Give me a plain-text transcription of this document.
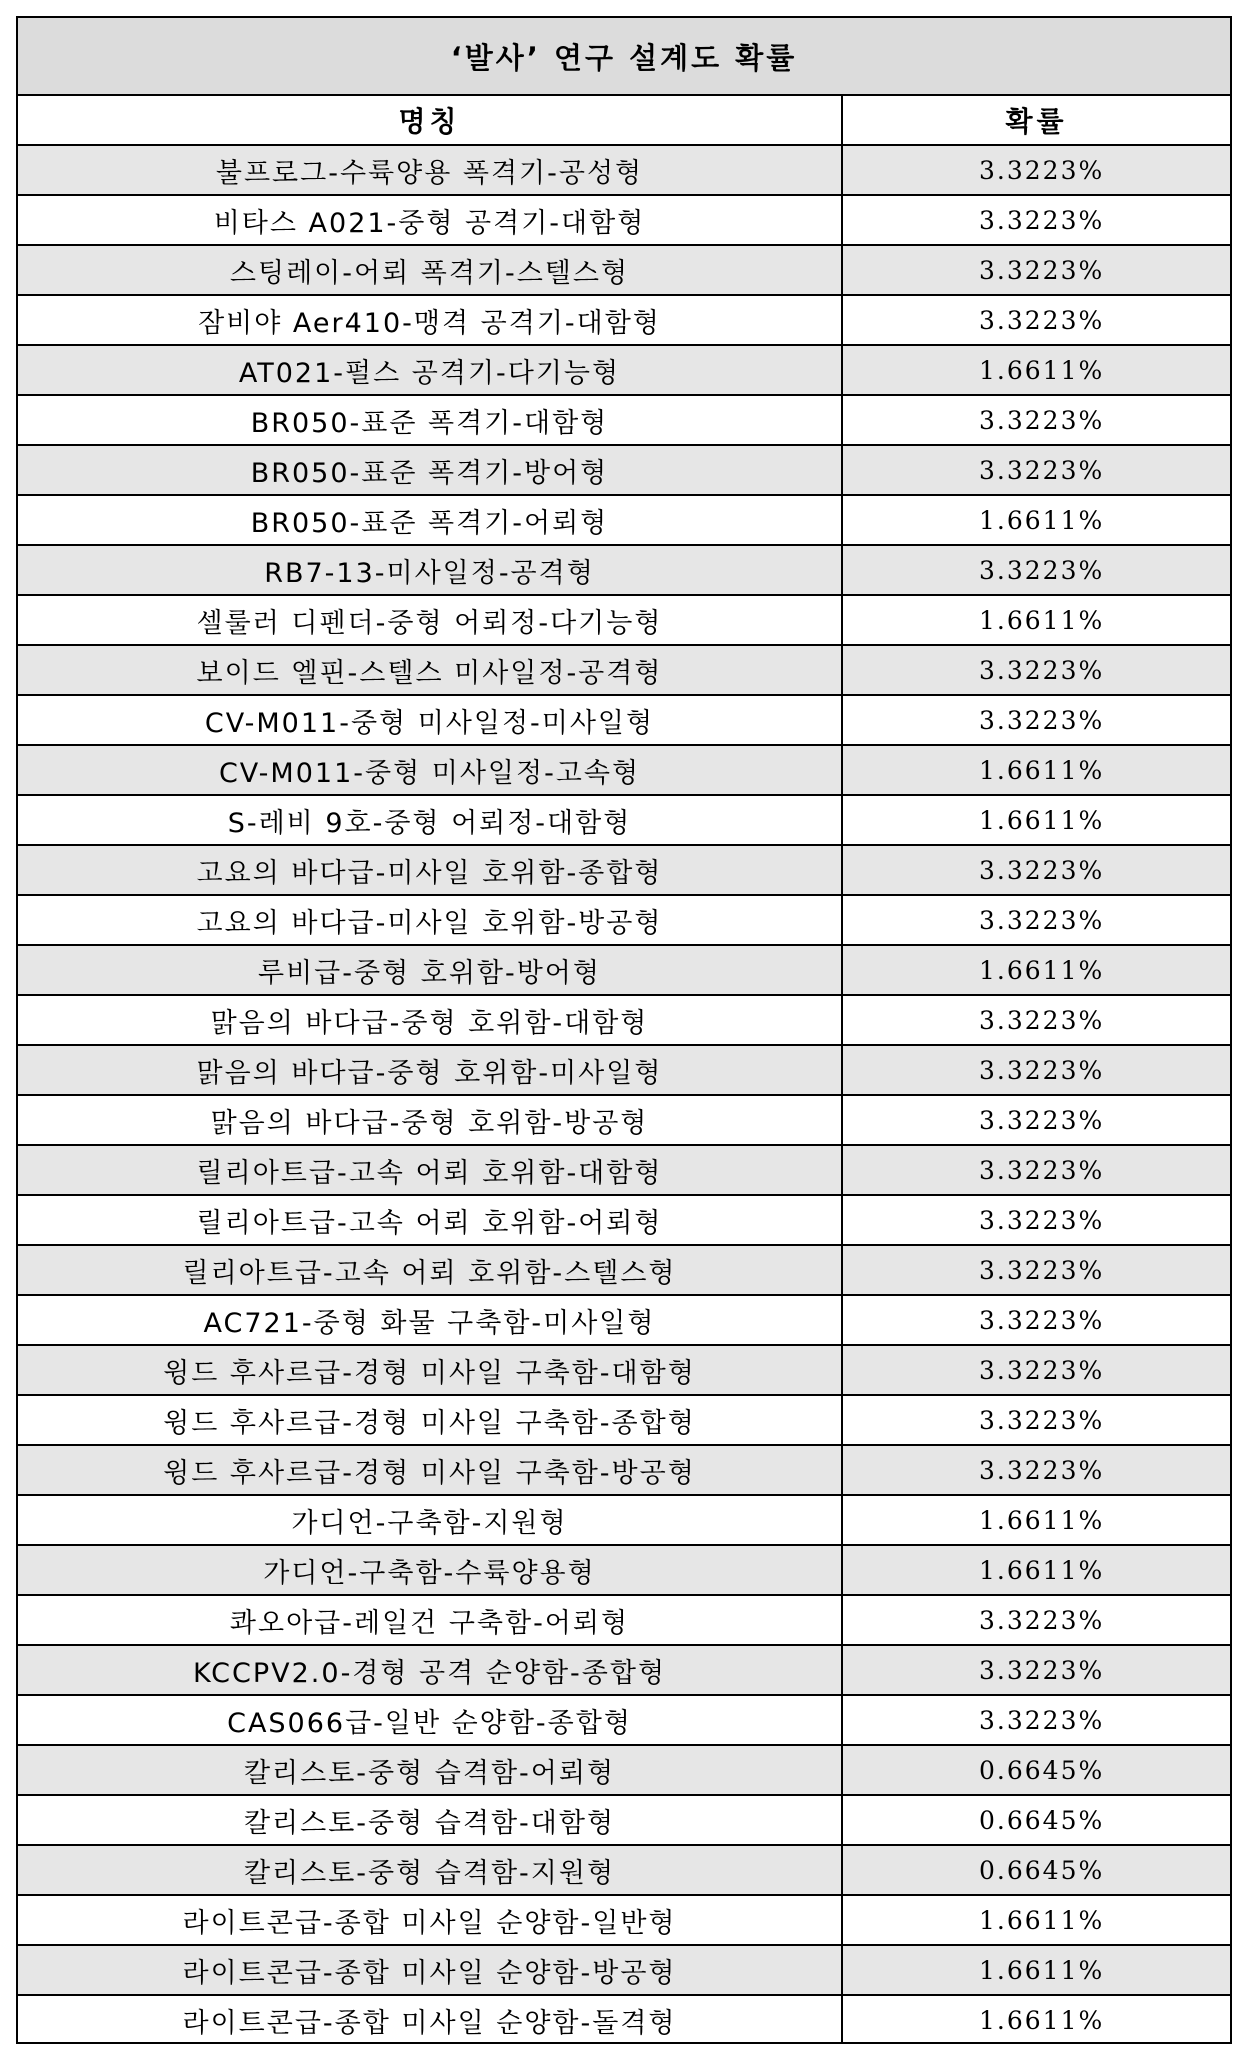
‘발사’ 연구 설계도 확률	
명칭	확률
불프로그-수륙양용 폭격기-공성형	3.3223%
비타스 A021-중형 공격기-대함형	3.3223%
스팅레이-어뢰 폭격기-스텔스형	3.3223%
잠비야 Aer410-맹격 공격기-대함형	3.3223%
AT021-펄스 공격기-다기능형	1.6611%
BR050-표준 폭격기-대함형	3.3223%
BR050-표준 폭격기-방어형	3.3223%
BR050-표준 폭격기-어뢰형	1.6611%
RB7-13-미사일정-공격형	3.3223%
셀룰러 디펜더-중형 어뢰정-다기능형	1.6611%
보이드 엘핀-스텔스 미사일정-공격형	3.3223%
CV-M011-중형 미사일정-미사일형	3.3223%
CV-M011-중형 미사일정-고속형	1.6611%
S-레비 9호-중형 어뢰정-대함형	1.6611%
고요의 바다급-미사일 호위함-종합형	3.3223%
고요의 바다급-미사일 호위함-방공형	3.3223%
루비급-중형 호위함-방어형	1.6611%
맑음의 바다급-중형 호위함-대함형	3.3223%
맑음의 바다급-중형 호위함-미사일형	3.3223%
맑음의 바다급-중형 호위함-방공형	3.3223%
릴리아트급-고속 어뢰 호위함-대함형	3.3223%
릴리아트급-고속 어뢰 호위함-어뢰형	3.3223%
릴리아트급-고속 어뢰 호위함-스텔스형	3.3223%
AC721-중형 화물 구축함-미사일형	3.3223%
윙드 후사르급-경형 미사일 구축함-대함형	3.3223%
윙드 후사르급-경형 미사일 구축함-종합형	3.3223%
윙드 후사르급-경형 미사일 구축함-방공형	3.3223%
가디언-구축함-지원형	1.6611%
가디언-구축함-수륙양용형	1.6611%
콰오아급-레일건 구축함-어뢰형	3.3223%
KCCPV2.0-경형 공격 순양함-종합형	3.3223%
CAS066급-일반 순양함-종합형	3.3223%
칼리스토-중형 습격함-어뢰형	0.6645%
칼리스토-중형 습격함-대함형	0.6645%
칼리스토-중형 습격함-지원형	0.6645%
라이트콘급-종합 미사일 순양함-일반형	1.6611%
라이트콘급-종합 미사일 순양함-방공형	1.6611%
라이트콘급-종합 미사일 순양함-돌격형	1.6611%
